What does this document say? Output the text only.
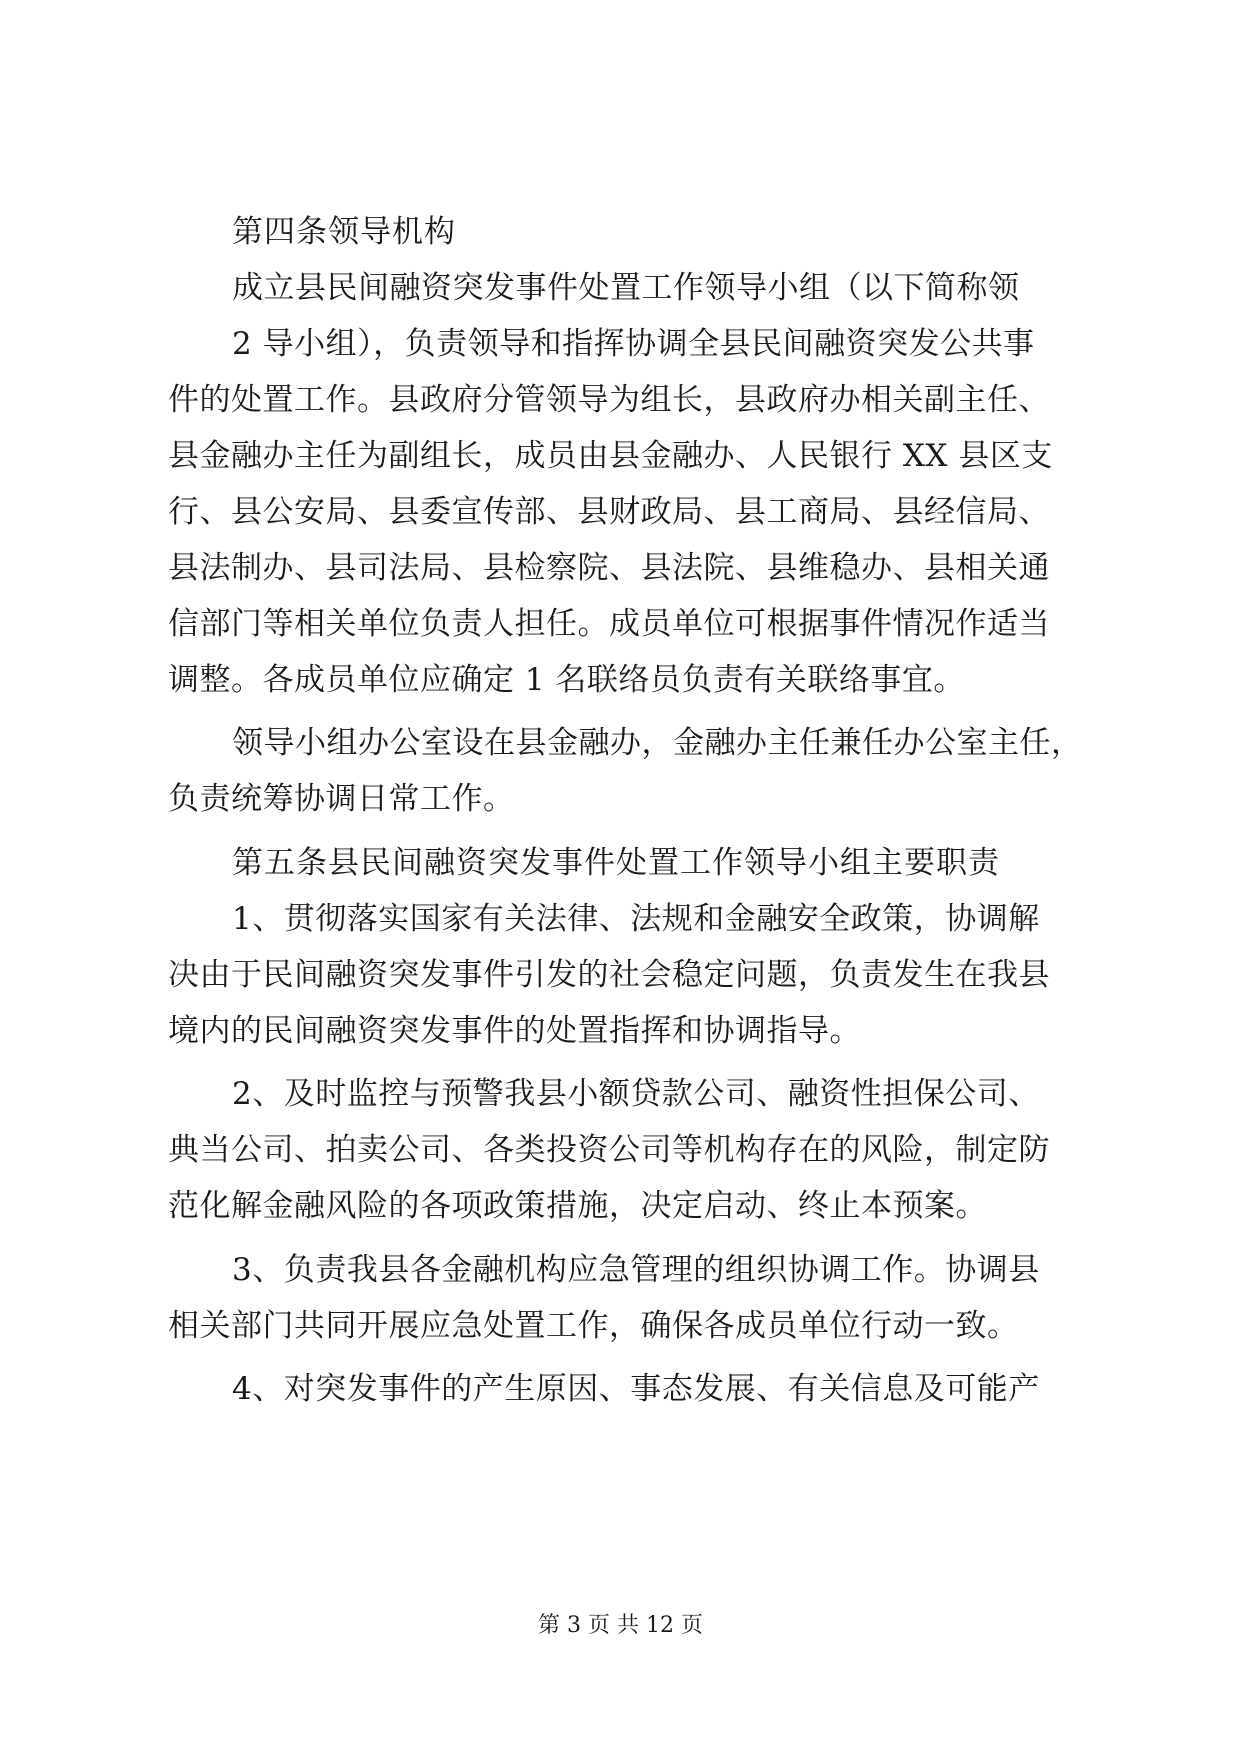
第四条领导机构
成立县民间融资突发事件处置工作领导小组（以下简称领
2 导小组），负责领导和指挥协调全县民间融资突发公共事
件的处置工作。县政府分管领导为组长，县政府办相关副主任、
县金融办主任为副组长，成员由县金融办、人民银行 XX 县区支
行、县公安局、县委宣传部、县财政局、县工商局、县经信局、
县法制办、县司法局、县检察院、县法院、县维稳办、县相关通
信部门等相关单位负责人担任。成员单位可根据事件情况作适当
调整。各成员单位应确定 1 名联络员负责有关联络事宜。
领导小组办公室设在县金融办，金融办主任兼任办公室主任，
负责统筹协调日常工作。
第五条县民间融资突发事件处置工作领导小组主要职责
1、贯彻落实国家有关法律、法规和金融安全政策，协调解
决由于民间融资突发事件引发的社会稳定问题，负责发生在我县
境内的民间融资突发事件的处置指挥和协调指导。
2、及时监控与预警我县小额贷款公司、融资性担保公司、
典当公司、拍卖公司、各类投资公司等机构存在的风险，制定防
范化解金融风险的各项政策措施，决定启动、终止本预案。
3、负责我县各金融机构应急管理的组织协调工作。协调县
相关部门共同开展应急处置工作，确保各成员单位行动一致。
4、对突发事件的产生原因、事态发展、有关信息及可能产
第 3 页 共 12 页
